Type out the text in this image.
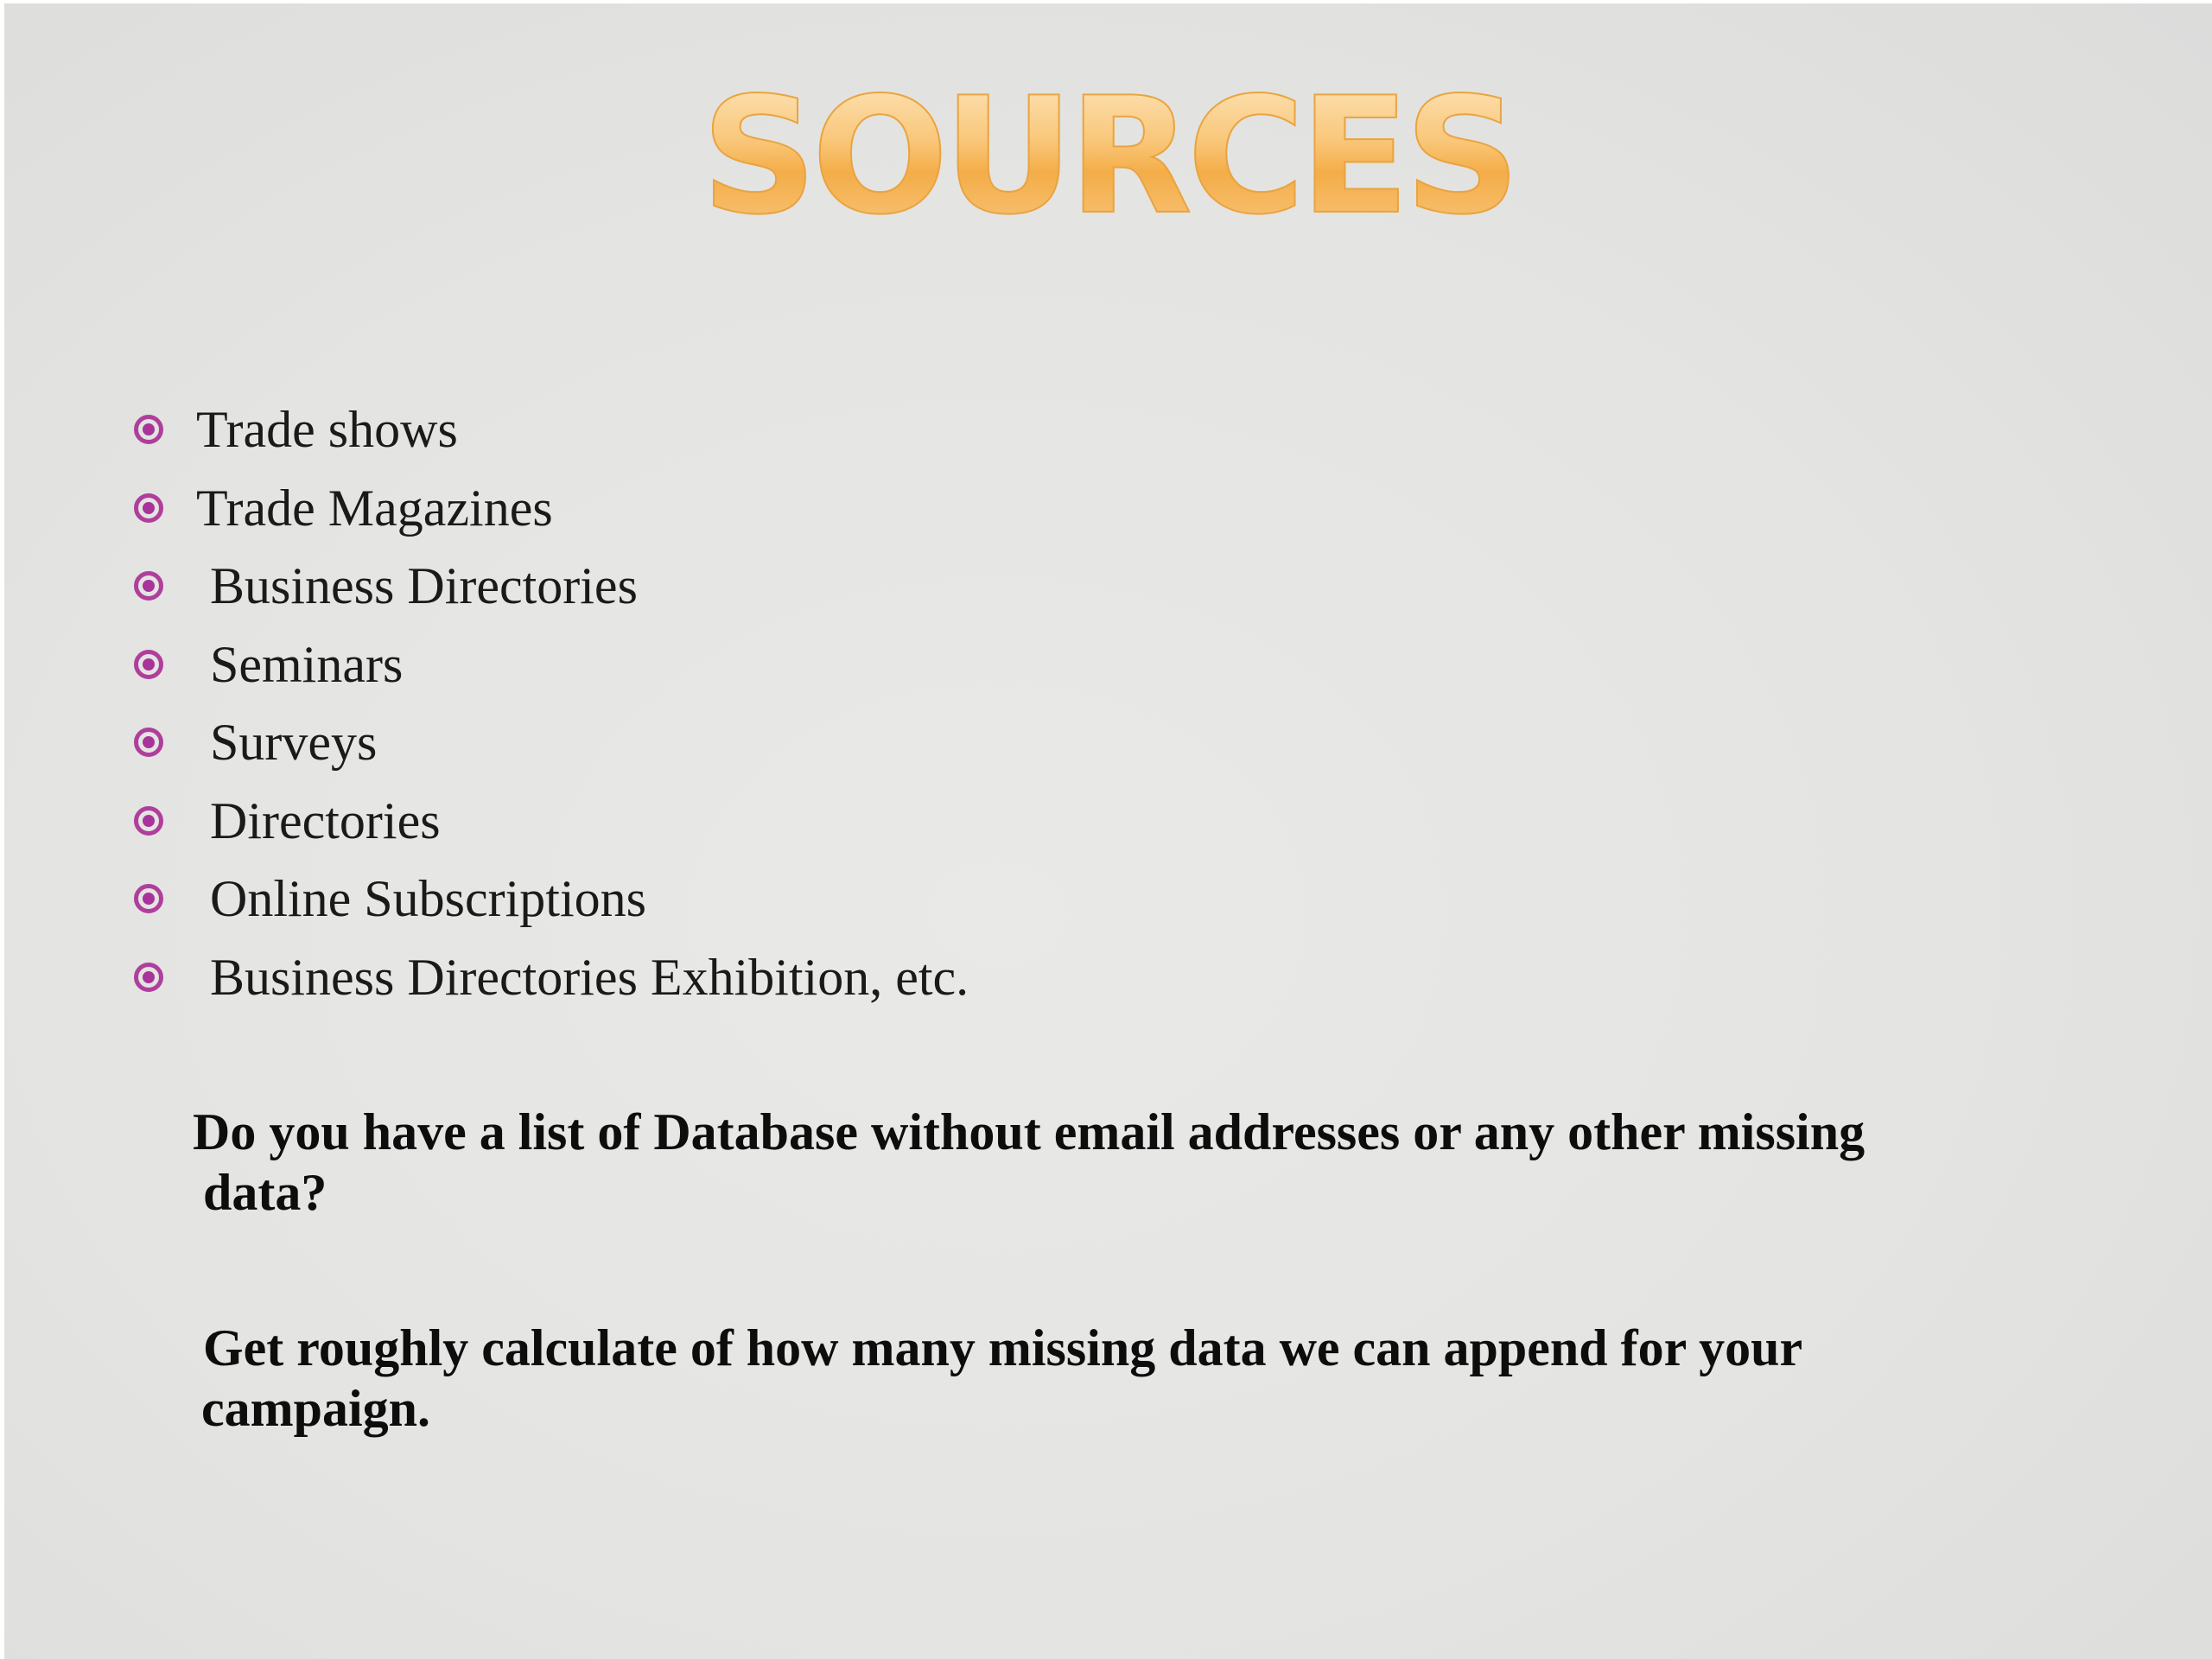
SOURCES
Trade shows
Trade Magazines
Business Directories
Seminars
Surveys
Directories
Online Subscriptions
Business Directories Exhibition, etc.

Do you have a list of Database without email addresses or any other missing
data?

Get roughly calculate of how many missing data we can append for your
campaign.
